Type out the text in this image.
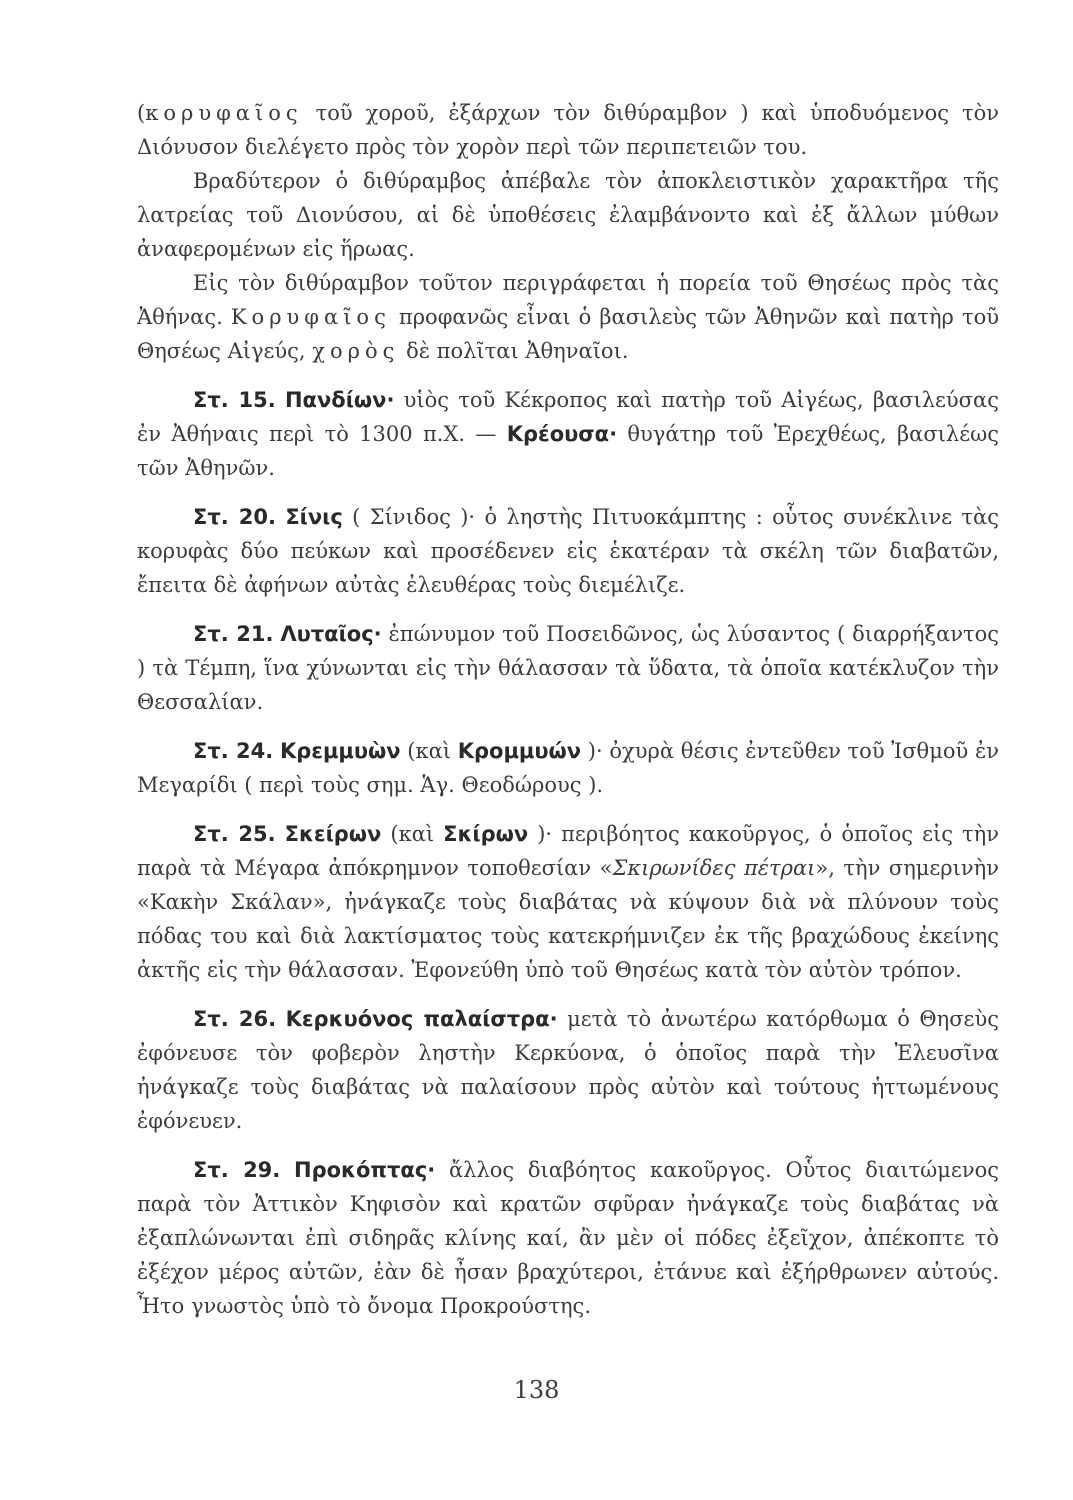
(κορυφαῖος τοῦ χοροῦ, ἐξάρχων τὸν διθύραμβον ) καὶ ὑποδυόμενος τὸν Διόνυσον διελέγετο πρὸς τὸν χορὸν περὶ τῶν περιπετειῶν του.

Βραδύτερον ὁ διθύραμβος ἀπέβαλε τὸν ἀποκλειστικὸν χαρακτῆρα τῆς λατρείας τοῦ Διονύσου, αἱ δὲ ὑποθέσεις ἐλαμβάνοντο καὶ ἐξ ἄλλων μύθων ἀναφερομένων εἰς ἥρωας.

Εἰς τὸν διθύραμβον τοῦτον περιγράφεται ἡ πορεία τοῦ Θησέως πρὸς τὰς Ἀθήνας. Κορυφαῖος προφανῶς εἶναι ὁ βασιλεὺς τῶν Ἀθηνῶν καὶ πατὴρ τοῦ Θησέως Αἰγεύς, χορὸς δὲ πολῖται Ἀθηναῖοι.

Στ. 15. Πανδίων· υἱὸς τοῦ Κέκροπος καὶ πατὴρ τοῦ Αἰγέως, βασιλεύσας ἐν Ἀθήναις περὶ τὸ 1300 π.Χ. — Κρέουσα· θυγάτηρ τοῦ Ἐρεχθέως, βασιλέως τῶν Ἀθηνῶν.

Στ. 20. Σίνις ( Σίνιδος )· ὁ ληστὴς Πιτυοκάμπτης : οὗτος συνέκλινε τὰς κορυφὰς δύο πεύκων καὶ προσέδενεν εἰς ἑκατέραν τὰ σκέλη τῶν διαβατῶν, ἔπειτα δὲ ἀφήνων αὐτὰς ἐλευθέρας τοὺς διεμέλιζε.

Στ. 21. Λυταῖος· ἐπώνυμον τοῦ Ποσειδῶνος, ὡς λύσαντος ( διαρρήξαντος ) τὰ Τέμπη, ἵνα χύνωνται εἰς τὴν θάλασσαν τὰ ὕδατα, τὰ ὁποῖα κατέκλυζον τὴν Θεσσαλίαν.

Στ. 24. Κρεμμυὼν (καὶ Κρομμυών )· ὀχυρὰ θέσις ἐντεῦθεν τοῦ Ἰσθμοῦ ἐν Μεγαρίδι ( περὶ τοὺς σημ. Ἁγ. Θεοδώρους ).

Στ. 25. Σκείρων (καὶ Σκίρων )· περιβόητος κακοῦργος, ὁ ὁποῖος εἰς τὴν παρὰ τὰ Μέγαρα ἀπόκρημνον τοποθεσίαν «Σκιρωνίδες πέτραι», τὴν σημερινὴν «Κακὴν Σκάλαν», ἠνάγκαζε τοὺς διαβάτας νὰ κύψουν διὰ νὰ πλύνουν τοὺς πόδας του καὶ διὰ λακτίσματος τοὺς κατεκρήμνιζεν ἐκ τῆς βραχώδους ἐκείνης ἀκτῆς εἰς τὴν θάλασσαν. Ἐφονεύθη ὑπὸ τοῦ Θησέως κατὰ τὸν αὐτὸν τρόπον.

Στ. 26. Κερκυόνος παλαίστρα· μετὰ τὸ ἀνωτέρω κατόρθωμα ὁ Θησεὺς ἐφόνευσε τὸν φοβερὸν ληστὴν Κερκύονα, ὁ ὁποῖος παρὰ τὴν Ἐλευσῖνα ἠνάγκαζε τοὺς διαβάτας νὰ παλαίσουν πρὸς αὐτὸν καὶ τούτους ἡττωμένους ἐφόνευεν.

Στ. 29. Προκόπτας· ἄλλος διαβόητος κακοῦργος. Οὗτος διαιτώμενος παρὰ τὸν Ἀττικὸν Κηφισὸν καὶ κρατῶν σφῦραν ἠνάγκαζε τοὺς διαβάτας νὰ ἐξαπλώνωνται ἐπὶ σιδηρᾶς κλίνης καί, ἂν μὲν οἱ πόδες ἐξεῖχον, ἀπέκοπτε τὸ ἐξέχον μέρος αὐτῶν, ἐὰν δὲ ἦσαν βραχύτεροι, ἐτάνυε καὶ ἐξήρθρωνεν αὐτούς. Ἦτο γνωστὸς ὑπὸ τὸ ὄνομα Προκρούστης.

138
